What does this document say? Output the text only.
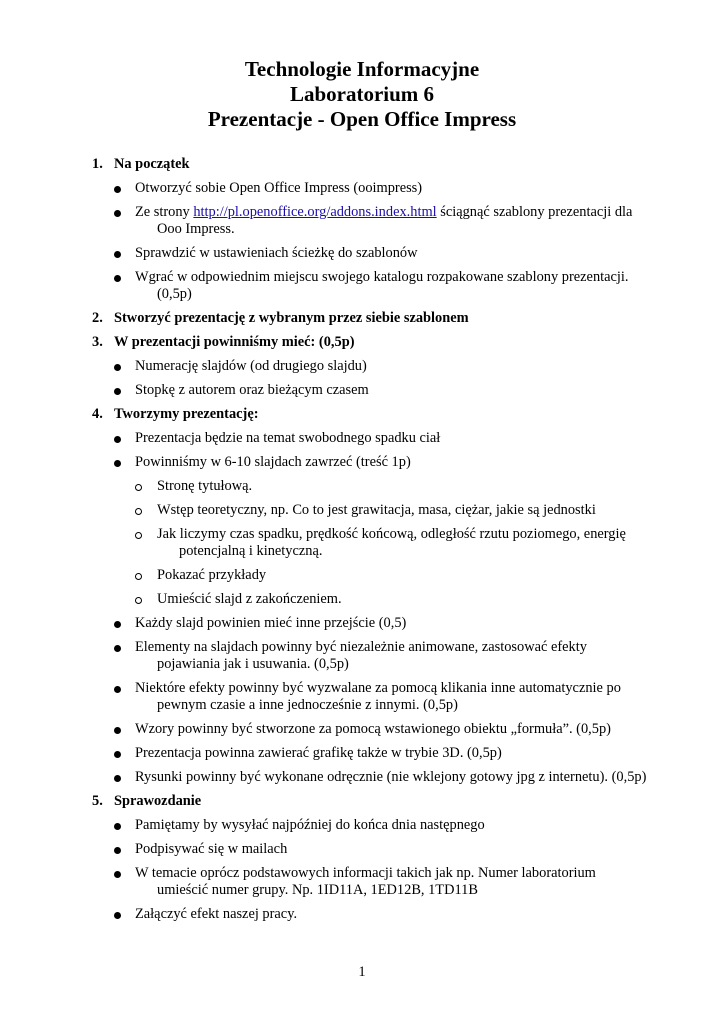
Technologie Informacyjne
Laboratorium 6
Prezentacje - Open Office Impress
1. Na początek
Otworzyć sobie Open Office Impress (ooimpress)
Ze strony http://pl.openoffice.org/addons.index.html ściągnąć szablony prezentacji dla
Ooo Impress.
Sprawdzić w ustawieniach ścieżkę do szablonów
Wgrać w odpowiednim miejscu swojego katalogu rozpakowane szablony prezentacji.
(0,5p)
2. Stworzyć prezentację z wybranym przez siebie szablonem
3. W prezentacji powinniśmy mieć: (0,5p)
Numerację slajdów (od drugiego slajdu)
Stopkę z autorem oraz bieżącym czasem
4. Tworzymy prezentację:
Prezentacja będzie na temat swobodnego spadku ciał
Powinniśmy w 6-10 slajdach zawrzeć (treść 1p)
Stronę tytułową.
Wstęp teoretyczny, np. Co to jest grawitacja, masa, ciężar, jakie są jednostki
Jak liczymy czas spadku, prędkość końcową, odległość rzutu poziomego, energię
potencjalną i kinetyczną.
Pokazać przykłady
Umieścić slajd z zakończeniem.
Każdy slajd powinien mieć inne przejście (0,5)
Elementy na slajdach powinny być niezależnie animowane, zastosować efekty
pojawiania jak i usuwania. (0,5p)
Niektóre efekty powinny być wyzwalane za pomocą klikania inne automatycznie po
pewnym czasie a inne jednocześnie z innymi. (0,5p)
Wzory powinny być stworzone za pomocą wstawionego obiektu „formuła”. (0,5p)
Prezentacja powinna zawierać grafikę także w trybie 3D. (0,5p)
Rysunki powinny być wykonane odręcznie (nie wklejony gotowy jpg z internetu). (0,5p)
5. Sprawozdanie
Pamiętamy by wysyłać najpóźniej do końca dnia następnego
Podpisywać się w mailach
W temacie oprócz podstawowych informacji takich jak np. Numer laboratorium
umieścić numer grupy. Np. 1ID11A, 1ED12B, 1TD11B
Załączyć efekt naszej pracy.
1
